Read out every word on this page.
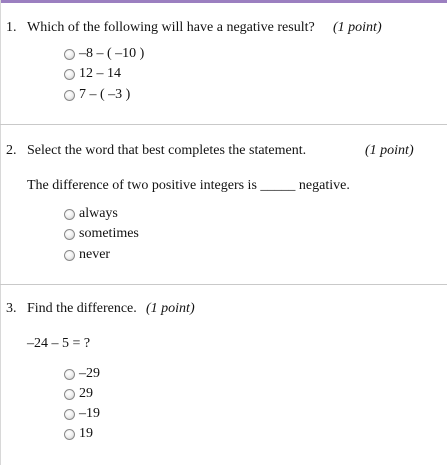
1. Which of the following will have a negative result? (1 point)
–8 – ( –10 )
12 – 14
7 – ( –3 )
2. Select the word that best completes the statement.	(1 point)
The difference of two positive integers is _____ negative.
always
sometimes
never
3. Find the difference. (1 point)
–24 – 5 = ?
–29
29
–19
19
